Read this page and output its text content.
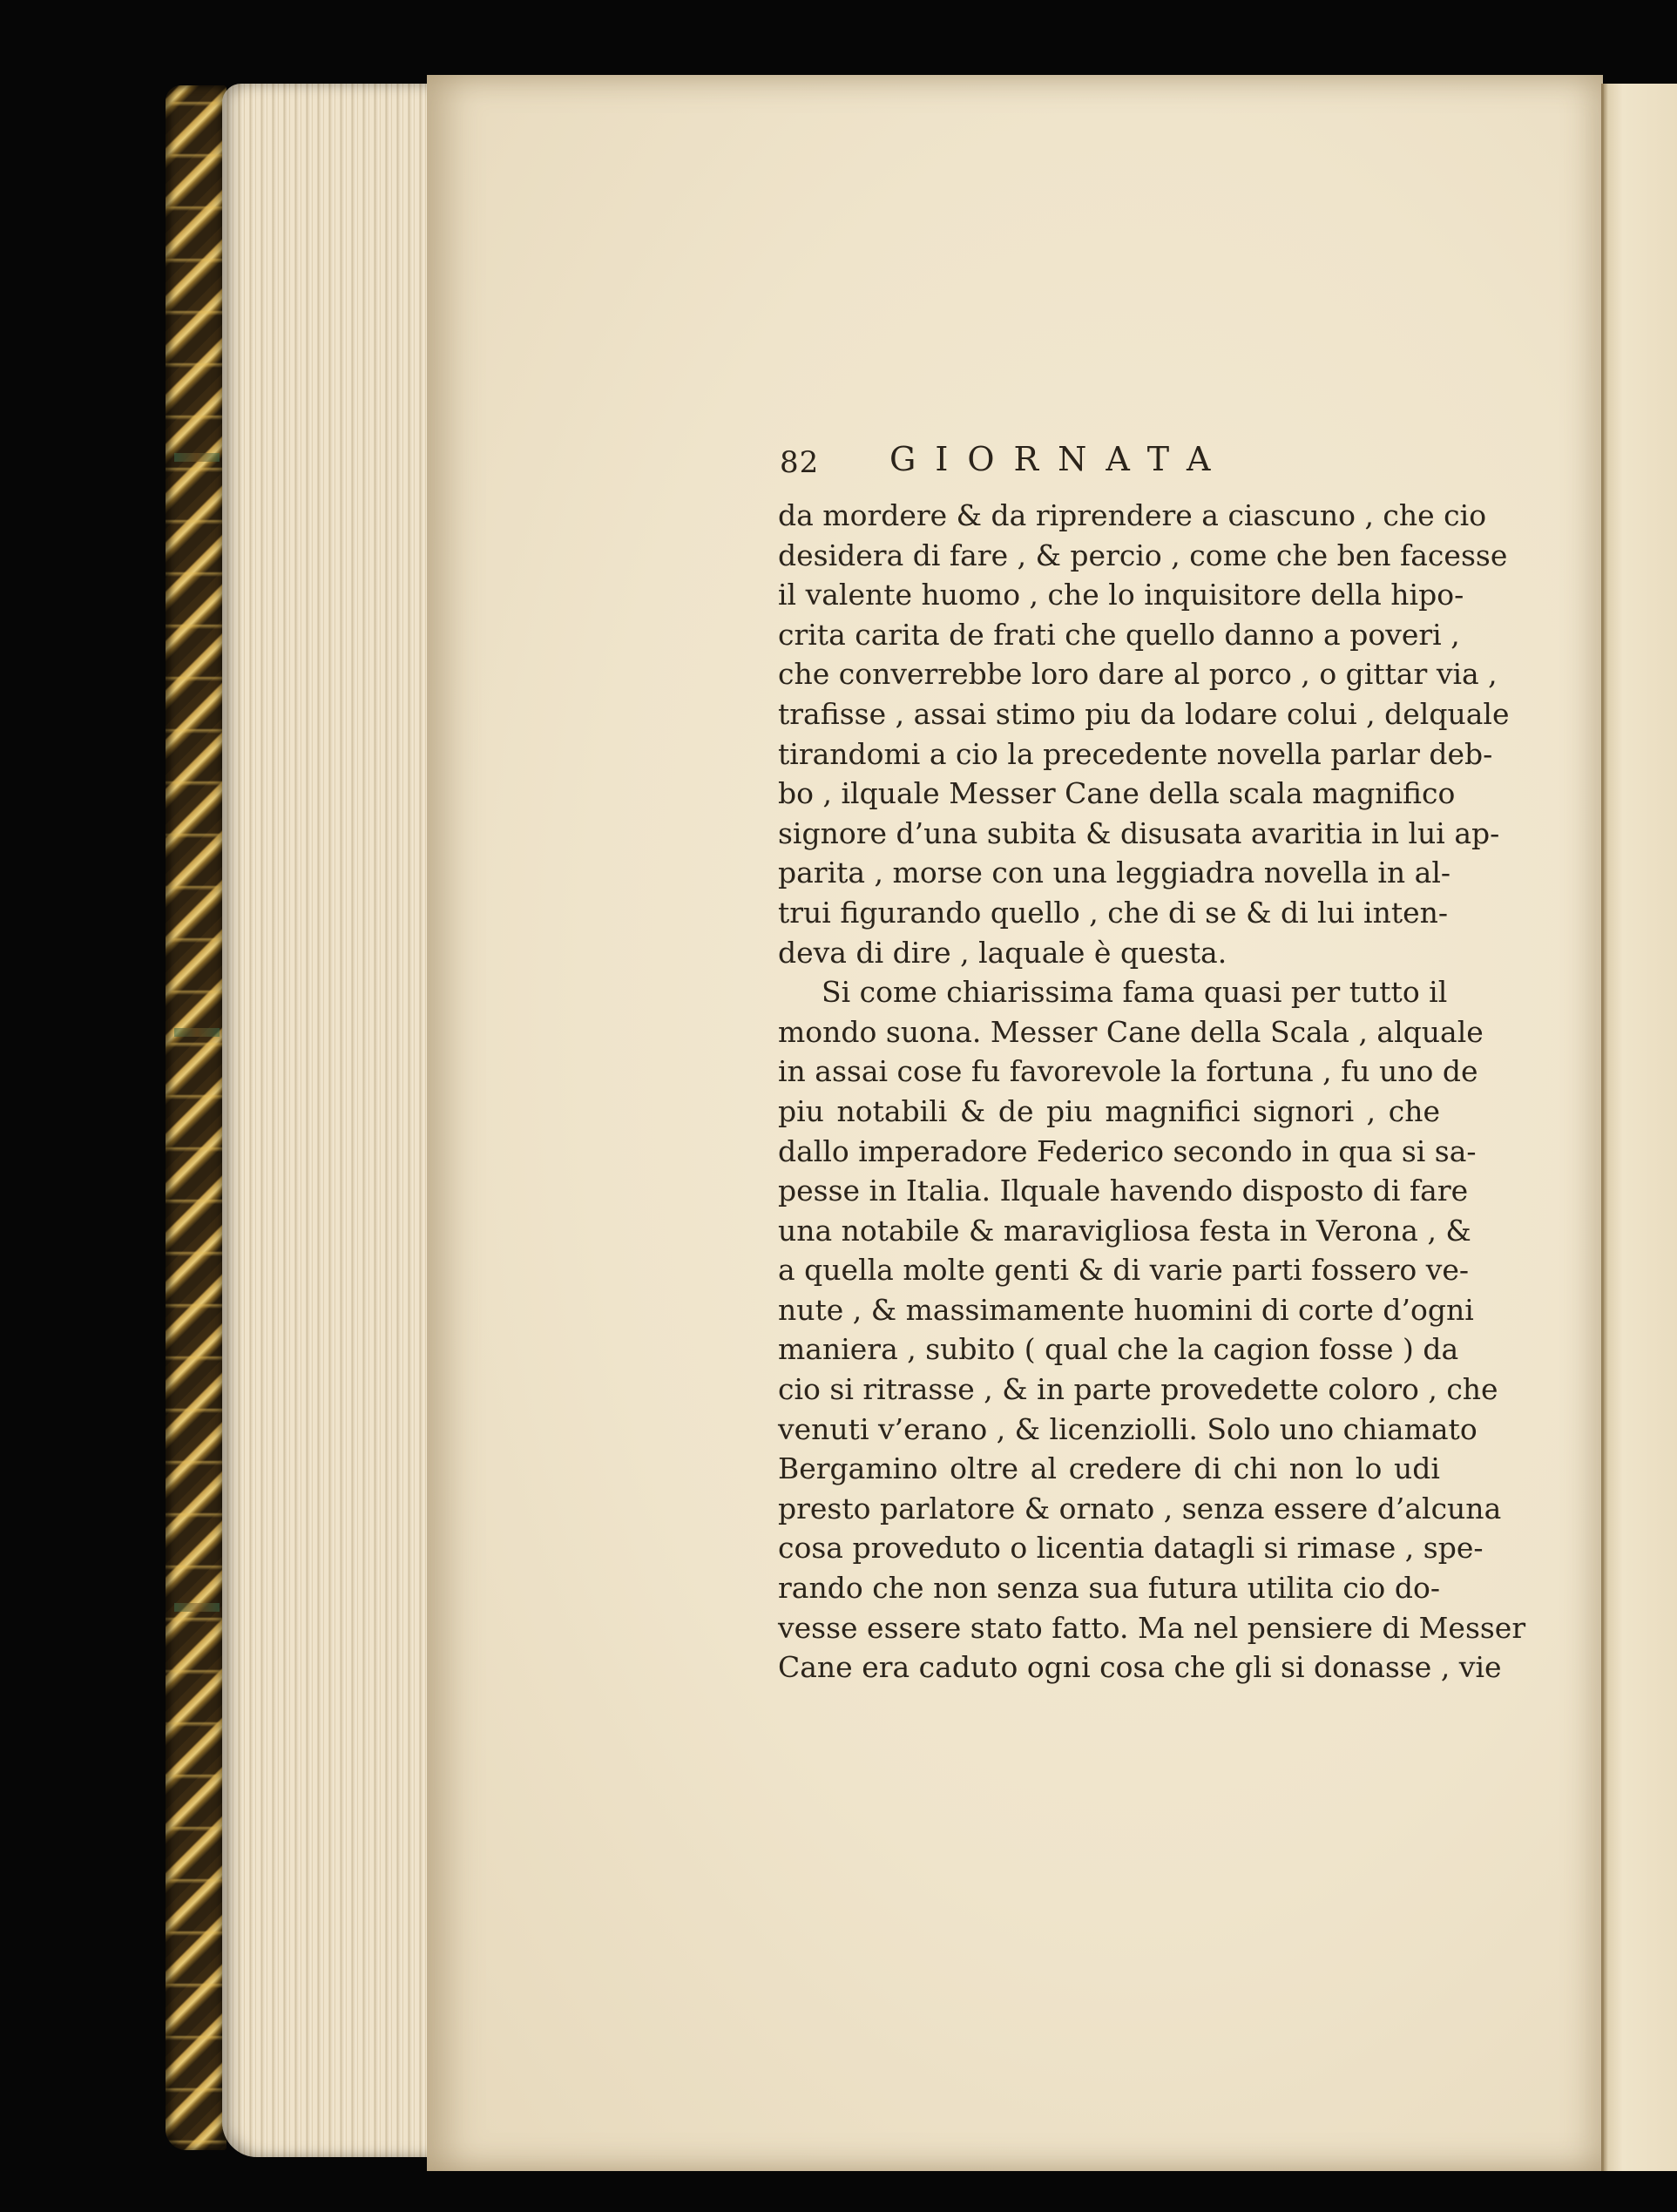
82 GIORNATA
da mordere & da riprendere a ciascuno , che cio
desidera di fare , & percio , come che ben facesse
il valente huomo , che lo inquisitore della hipo-
crita carita de frati che quello danno a poveri ,
che converrebbe loro dare al porco , o gittar via ,
trafisse , assai stimo piu da lodare colui , delquale
tirandomi a cio la precedente novella parlar deb-
bo , ilquale Messer Cane della scala magnifico
signore d’una subita & disusata avaritia in lui ap-
parita , morse con una leggiadra novella in al-
trui figurando quello , che di se & di lui inten-
deva di dire , laquale è questa.
Si come chiarissima fama quasi per tutto il
mondo suona. Messer Cane della Scala , alquale
in assai cose fu favorevole la fortuna , fu uno de
piu notabili & de piu magnifici signori , che
dallo imperadore Federico secondo in qua si sa-
pesse in Italia. Ilquale havendo disposto di fare
una notabile & maravigliosa festa in Verona , &
a quella molte genti & di varie parti fossero ve-
nute , & massimamente huomini di corte d’ogni
maniera , subito ( qual che la cagion fosse ) da
cio si ritrasse , & in parte provedette coloro , che
venuti v’erano , & licenziolli. Solo uno chiamato
Bergamino oltre al credere di chi non lo udi
presto parlatore & ornato , senza essere d’alcuna
cosa proveduto o licentia datagli si rimase , spe-
rando che non senza sua futura utilita cio do-
vesse essere stato fatto. Ma nel pensiere di Messer
Cane era caduto ogni cosa che gli si donasse , vie
